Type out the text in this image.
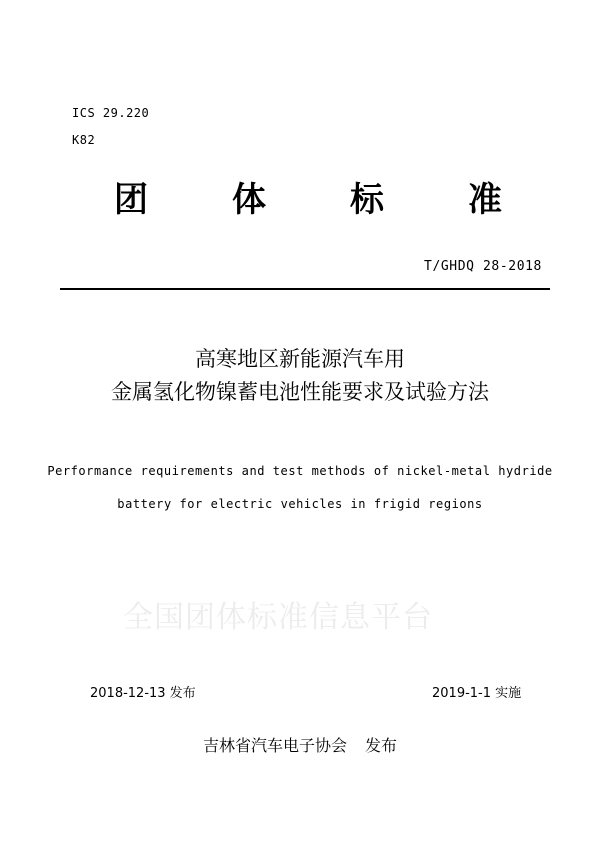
ICS 29.220
K82
团 体 标 准
T/GHDQ 28-2018
高寒地区新能源汽车用
金属氢化物镍蓄电池性能要求及试验方法
Performance requirements and test methods of nickel-metal hydride
battery for electric vehicles in frigid regions
全国团体标准信息平台
2018-12-13 发布	2019-1-1 实施
吉林省汽车电子协会 发布
